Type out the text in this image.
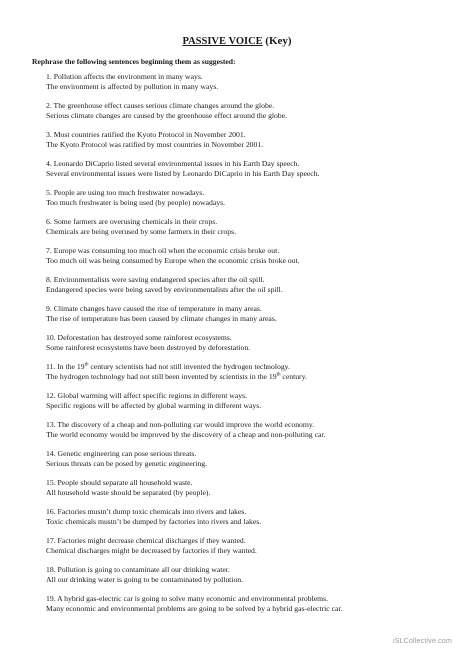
PASSIVE VOICE (Key)
Rephrase the following sentences beginning them as suggested:
1. Pollution affects the environment in many ways.
The environment is affected by pollution in many ways.
2. The greenhouse effect causes serious climate changes around the globe.
Serious climate changes are caused by the greenhouse effect around the globe.
3. Most countries ratified the Kyoto Protocol in November 2001.
The Kyoto Protocol was ratified by most countries in November 2001.
4. Leonardo DiCaprio listed several environmental issues in his Earth Day speech.
Several environmental issues were listed by Leonardo DiCaprio in his Earth Day speech.
5. People are using too much freshwater nowadays.
Too much freshwater is being used (by people) nowadays.
6. Some farmers are overusing chemicals in their crops.
Chemicals are being overused by some farmers in their crops.
7. Europe was consuming too much oil when the economic crisis broke out.
Too much oil was being consumed by Europe when the economic crisis broke out.
8. Environmentalists were saving endangered species after the oil spill.
Endangered species were being saved by environmentalists after the oil spill.
9. Climate changes have caused the rise of temperature in many areas.
The rise of temperature has been caused by climate changes in many areas.
10. Deforestation has destroyed some rainforest ecosystems.
Some rainforest ecosystems have been destroyed by deforestation.
11. In the 19th century scientists had not still invented the hydrogen technology.
The hydrogen technology had not still been invented by scientists in the 19th century.
12. Global warming will affect specific regions in different ways.
Specific regions will be affected by global warming in different ways.
13. The discovery of a cheap and non-polluting car would improve the world economy.
The world economy would be improved by the discovery of a cheap and non-polluting car.
14. Genetic engineering can pose serious threats.
Serious threats can be posed by genetic engineering.
15. People should separate all household waste.
All household waste should be separated (by people).
16. Factories mustn’t dump toxic chemicals into rivers and lakes.
Toxic chemicals mustn’t be dumped by factories into rivers and lakes.
17. Factories might decrease chemical discharges if they wanted.
Chemical discharges might be decreased by factories if they wanted.
18. Pollution is going to contaminate all our drinking water.
All our drinking water is going to be contaminated by pollution.
19. A hybrid gas-electric car is going to solve many economic and environmental problems.
Many economic and environmental problems are going to be solved by a hybrid gas-electric car.
iSLCollective.com
